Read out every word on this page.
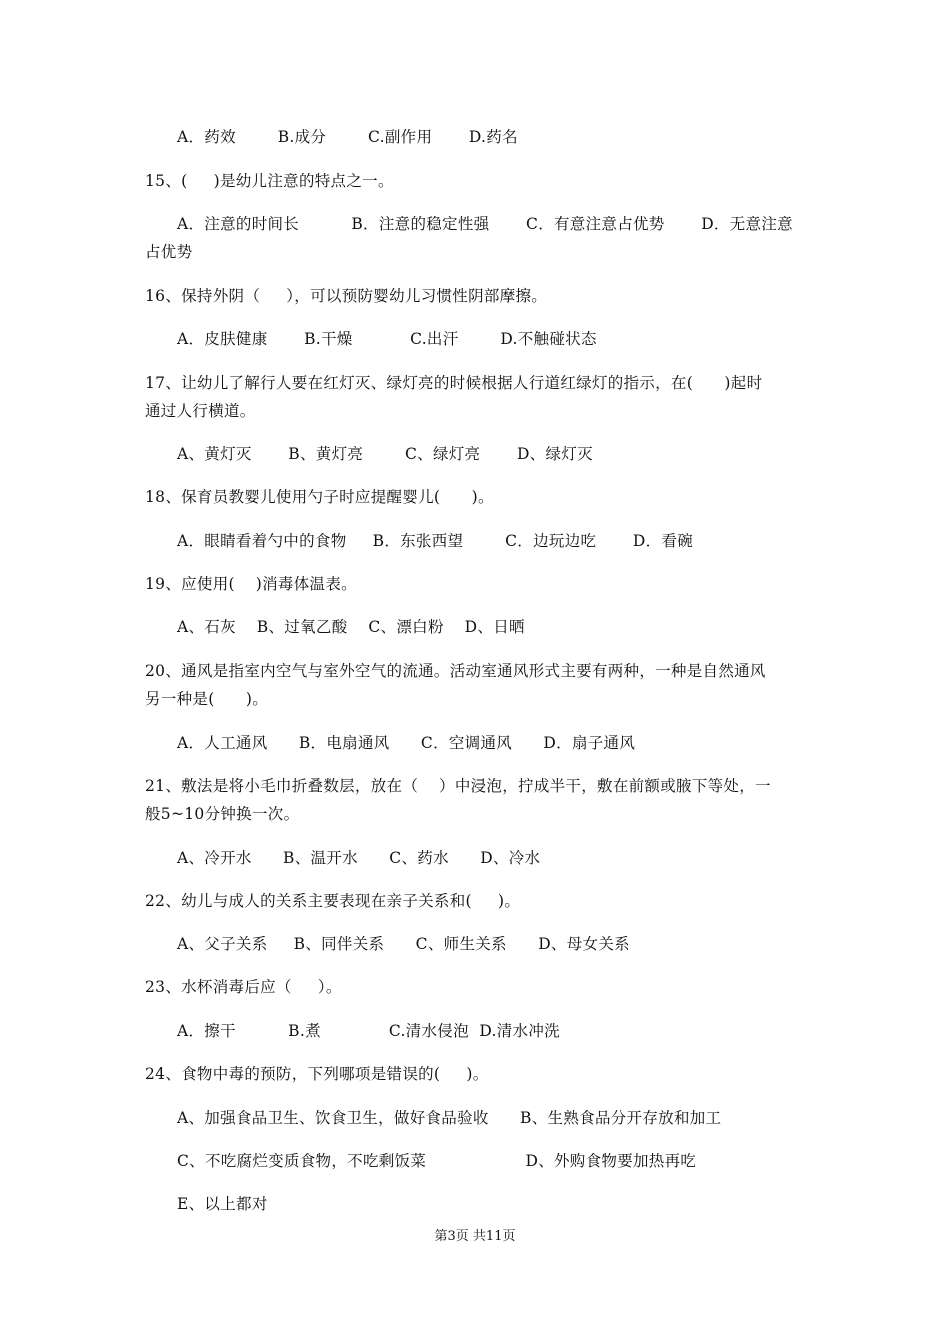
A．药效        B.成分        C.副作用       D.药名
15、(     )是幼儿注意的特点之一。
A．注意的时间长          B．注意的稳定性强       C．有意注意占优势       D．无意注意
占优势
16、保持外阴（     ），可以预防婴幼儿习惯性阴部摩擦。
A．皮肤健康       B.干燥           C.出汗        D.不触碰状态
17、让幼儿了解行人要在红灯灭、绿灯亮的时候根据人行道红绿灯的指示，在(      )起时
通过人行横道。
A、黄灯灭       B、黄灯亮        C、绿灯亮       D、绿灯灭
18、保育员教婴儿使用勺子时应提醒婴儿(      )。
A．眼睛看着勺中的食物     B．东张西望        C．边玩边吃       D．看碗
19、应使用(    )消毒体温表。
A、石灰    B、过氧乙酸    C、漂白粉    D、日晒
20、通风是指室内空气与室外空气的流通。活动室通风形式主要有两种，一种是自然通风
另一种是(      )。
A．人工通风      B．电扇通风      C．空调通风      D．扇子通风
21、敷法是将小毛巾折叠数层，放在（    ）中浸泡，拧成半干，敷在前额或腋下等处，一
般5~10分钟换一次。
A、冷开水      B、温开水      C、药水      D、冷水
22、幼儿与成人的关系主要表现在亲子关系和(     )。
A、父子关系     B、同伴关系      C、师生关系      D、母女关系
23、水杯消毒后应（     ）。
A．擦干          B.煮             C.清水侵泡  D.清水冲洗
24、食物中毒的预防，下列哪项是错误的(     )。
A、加强食品卫生、饮食卫生，做好食品验收      B、生熟食品分开存放和加工
C、不吃腐烂变质食物，不吃剩饭菜                   D、外购食物要加热再吃
E、以上都对
第3页 共11页
